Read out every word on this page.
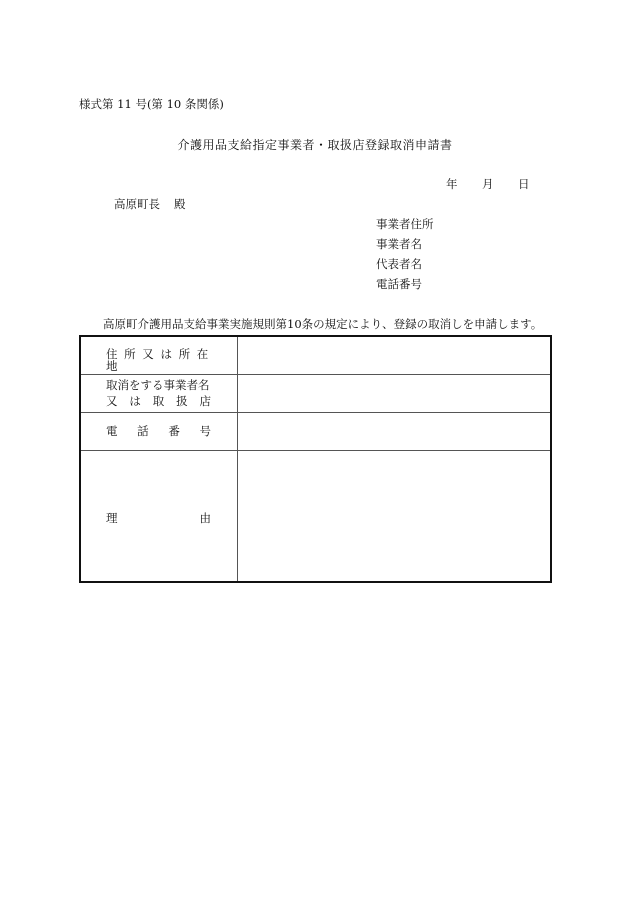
様式第 11 号(第 10 条関係)
介護用品支給指定事業者・取扱店登録取消申請書
年 月 日
高原町長 殿
事業者住所
事業者名
代表者名
電話番号
高原町介護用品支給事業実施規則第10条の規定により、登録の取消しを申請します。
住 所 又 は 所 在 地
取消をする事業者名
又 は 取 扱 店
電 話 番 号
理	由
